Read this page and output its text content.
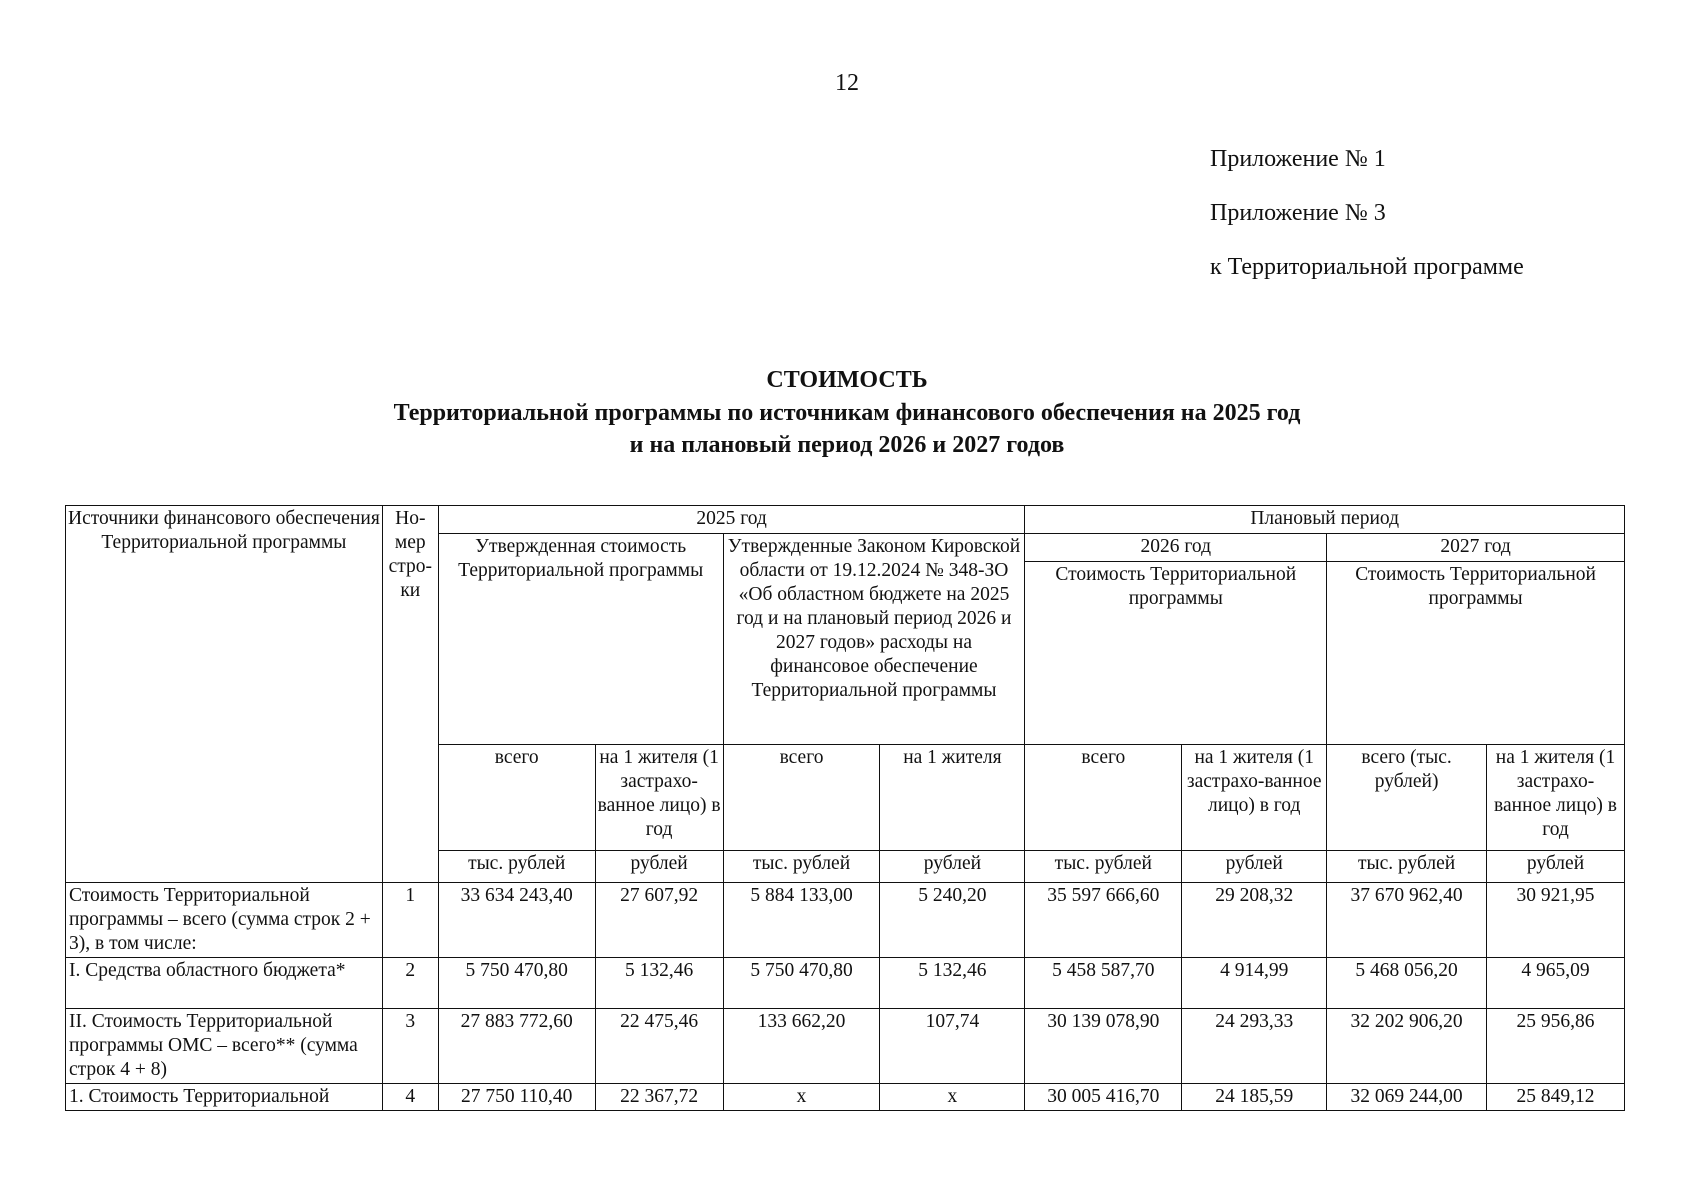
12
Приложение № 1
Приложение № 3
к Территориальной программе
СТОИМОСТЬ
Территориальной программы по источникам финансового обеспечения на 2025 год
и на плановый период 2026 и 2027 годов
Источники финансового обеспечения Территориальной программы	Но-мер стро-ки	2025 год				Плановый период			
		Утвержденная стоимость Территориальной программы		Утвержденные Законом Кировской области от 19.12.2024 № 348-ЗО «Об областном бюджете на 2025 год и на плановый период 2026 и 2027 годов» расходы на финансовое обеспечение Территориальной программы		2026 год		2027 год	
						Стоимость Территориальной программы		Стоимость Территориальной программы	
		всего	на 1 жителя (1 застрахо-ванное лицо) в год	всего	на 1 жителя	всего	на 1 жителя (1 застрахо-ванное лицо) в год	всего (тыс. рублей)	на 1 жителя (1 застрахо-ванное лицо) в год
		тыс. рублей	рублей	тыс. рублей	рублей	тыс. рублей	рублей	тыс. рублей	рублей
Стоимость Территориальной программы – всего (сумма строк 2 + 3), в том числе:	1	33 634 243,40	27 607,92	5 884 133,00	5 240,20	35 597 666,60	29 208,32	37 670 962,40	30 921,95
I. Средства областного бюджета*	2	5 750 470,80	5 132,46	5 750 470,80	5 132,46	5 458 587,70	4 914,99	5 468 056,20	4 965,09
II. Стоимость Территориальной программы ОМС – всего** (сумма строк 4 + 8)	3	27 883 772,60	22 475,46	133 662,20	107,74	30 139 078,90	24 293,33	32 202 906,20	25 956,86
1. Стоимость Территориальной	4	27 750 110,40	22 367,72	x	x	30 005 416,70	24 185,59	32 069 244,00	25 849,12
